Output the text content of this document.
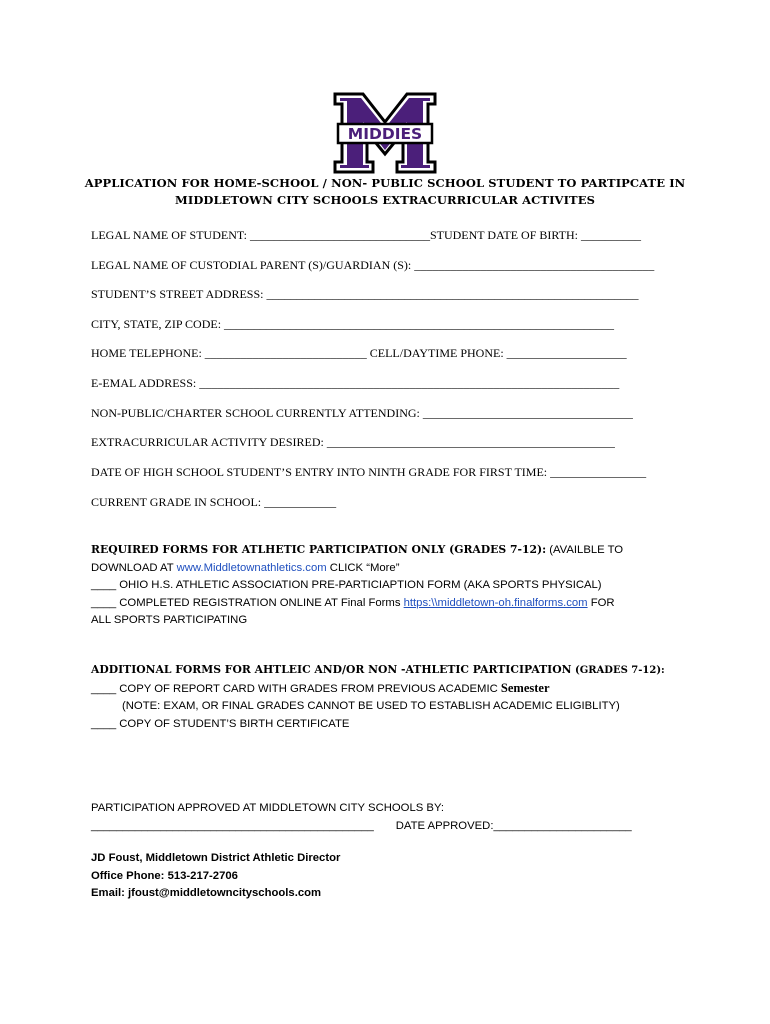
MIDDIES
APPLICATION FOR HOME-SCHOOL / NON- PUBLIC SCHOOL STUDENT TO PARTIPCATE IN
MIDDLETOWN CITY SCHOOLS EXTRACURRICULAR ACTIVITES
LEGAL NAME OF STUDENT: ______________________________STUDENT DATE OF BIRTH: __________
LEGAL NAME OF CUSTODIAL PARENT (S)/GUARDIAN (S): ________________________________________
STUDENT’S STREET ADDRESS: ______________________________________________________________
CITY, STATE, ZIP CODE: _________________________________________________________________
HOME TELEPHONE: ___________________________ CELL/DAYTIME PHONE: ____________________
E-EMAL ADDRESS: ______________________________________________________________________
NON-PUBLIC/CHARTER SCHOOL CURRENTLY ATTENDING: ___________________________________
EXTRACURRICULAR ACTIVITY DESIRED: ________________________________________________
DATE OF HIGH SCHOOL STUDENT’S ENTRY INTO NINTH GRADE FOR FIRST TIME: ________________
CURRENT GRADE IN SCHOOL: ____________
REQUIRED FORMS FOR ATLHETIC PARTICIPATION ONLY (GRADES 7-12): (AVAILBLE TO
DOWNLOAD AT www.Middletownathletics.com CLICK “More”
____ OHIO H.S. ATHLETIC ASSOCIATION PRE-PARTICIAPTION FORM (AKA SPORTS PHYSICAL)
____ COMPLETED REGISTRATION ONLINE AT Final Forms https:\\middletown-oh.finalforms.com FOR
ALL SPORTS PARTICIPATING
ADDITIONAL FORMS FOR AHTLEIC AND/OR NON -ATHLETIC PARTICIPATION (GRADES 7-12):
____ COPY OF REPORT CARD WITH GRADES FROM PREVIOUS ACADEMIC Semester
(NOTE: EXAM, OR FINAL GRADES CANNOT BE USED TO ESTABLISH ACADEMIC ELIGIBLITY)
____ COPY OF STUDENT’S BIRTH CERTIFICATE
PARTICIPATION APPROVED AT MIDDLETOWN CITY SCHOOLS BY:
_____________________________________________ DATE APPROVED:______________________
JD Foust, Middletown District Athletic Director
Office Phone: 513-217-2706
Email: jfoust@middletowncityschools.com
